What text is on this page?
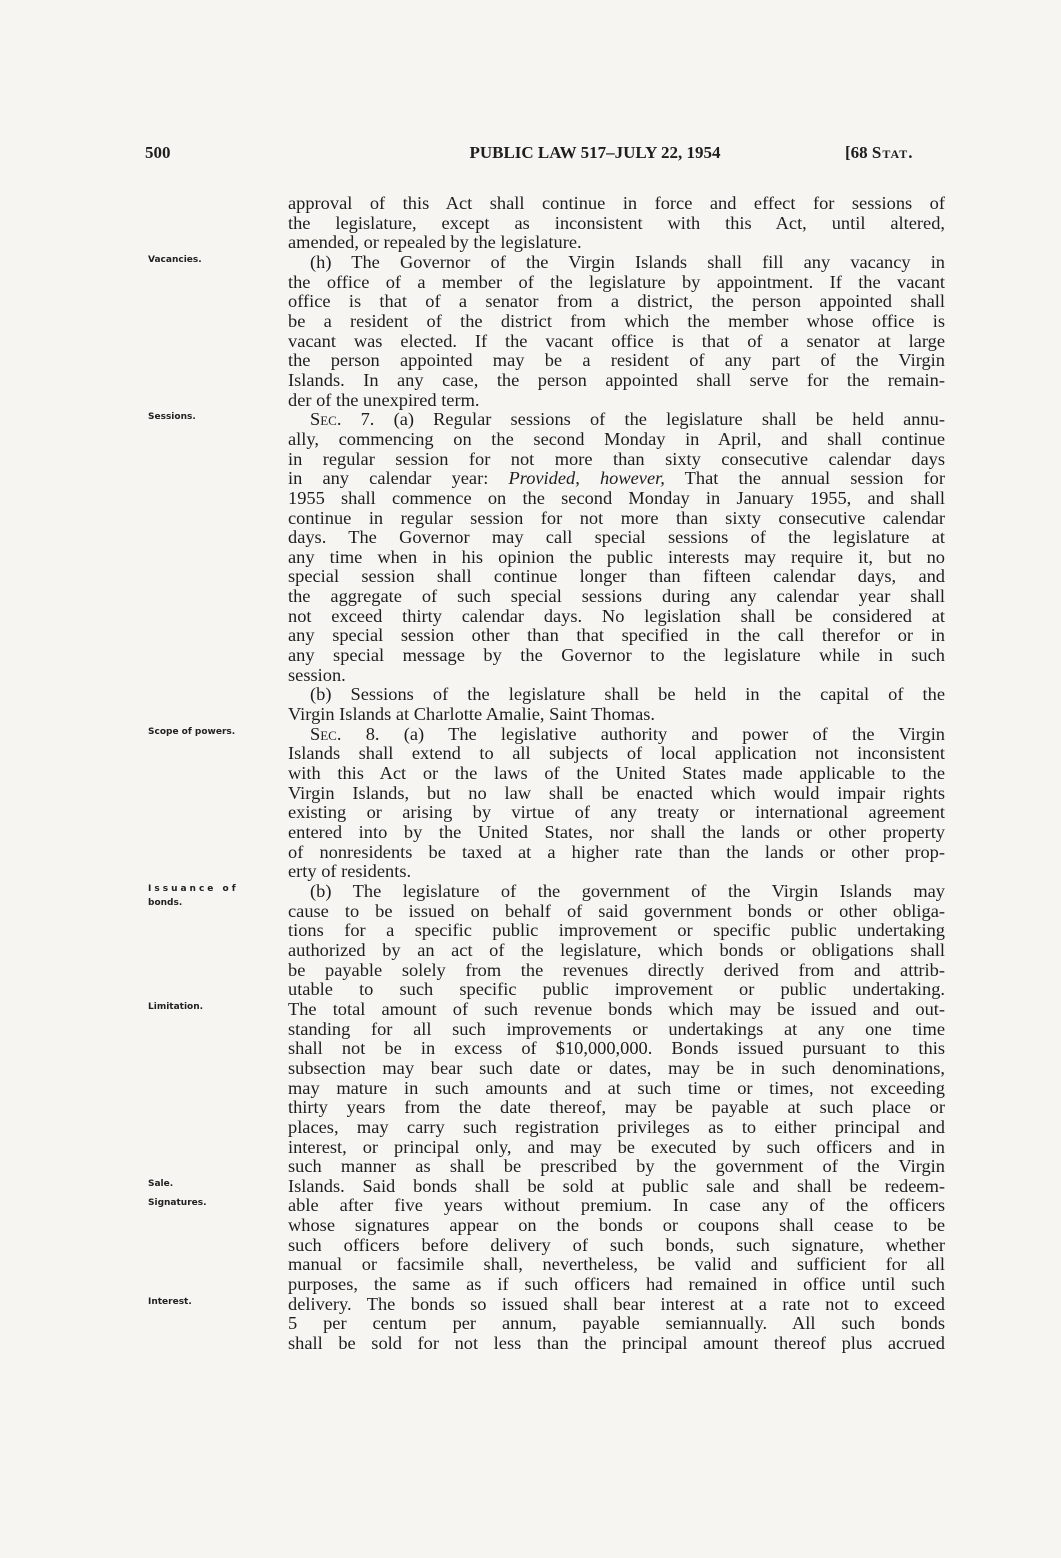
500	PUBLIC LAW 517–JULY 22, 1954	[68 Stat.
approval of this Act shall continue in force and effect for sessions of
the legislature, except as inconsistent with this Act, until altered,
amended, or repealed by the legislature.
(h) The Governor of the Virgin Islands shall fill any vacancy in
Vacancies.
the office of a member of the legislature by appointment. If the vacant
office is that of a senator from a district, the person appointed shall
be a resident of the district from which the member whose office is
vacant was elected. If the vacant office is that of a senator at large
the person appointed may be a resident of any part of the Virgin
Islands. In any case, the person appointed shall serve for the remain-
der of the unexpired term.
Sec. 7. (a) Regular sessions of the legislature shall be held annu-
Sessions.
ally, commencing on the second Monday in April, and shall continue
in regular session for not more than sixty consecutive calendar days
in any calendar year: Provided, however, That the annual session for
1955 shall commence on the second Monday in January 1955, and shall
continue in regular session for not more than sixty consecutive calendar
days. The Governor may call special sessions of the legislature at
any time when in his opinion the public interests may require it, but no
special session shall continue longer than fifteen calendar days, and
the aggregate of such special sessions during any calendar year shall
not exceed thirty calendar days. No legislation shall be considered at
any special session other than that specified in the call therefor or in
any special message by the Governor to the legislature while in such
session.
(b) Sessions of the legislature shall be held in the capital of the
Virgin Islands at Charlotte Amalie, Saint Thomas.
Sec. 8. (a) The legislative authority and power of the Virgin
Scope of powers.
Islands shall extend to all subjects of local application not inconsistent
with this Act or the laws of the United States made applicable to the
Virgin Islands, but no law shall be enacted which would impair rights
existing or arising by virtue of any treaty or international agreement
entered into by the United States, nor shall the lands or other property
of nonresidents be taxed at a higher rate than the lands or other prop-
erty of residents.
(b) The legislature of the government of the Virgin Islands may
Issuance of
bonds.	cause to be issued on behalf of said government bonds or other obliga-
tions for a specific public improvement or specific public undertaking
authorized by an act of the legislature, which bonds or obligations shall
be payable solely from the revenues directly derived from and attrib-
utable to such specific public improvement or public undertaking.
The total amount of such revenue bonds which may be issued and out-
Limitation.
standing for all such improvements or undertakings at any one time
shall not be in excess of $10,000,000. Bonds issued pursuant to this
subsection may bear such date or dates, may be in such denominations,
may mature in such amounts and at such time or times, not exceeding
thirty years from the date thereof, may be payable at such place or
places, may carry such registration privileges as to either principal and
interest, or principal only, and may be executed by such officers and in
such manner as shall be prescribed by the government of the Virgin
Islands. Said bonds shall be sold at public sale and shall be redeem-
Sale.
able after five years without premium. In case any of the officers
Signatures.
whose signatures appear on the bonds or coupons shall cease to be
such officers before delivery of such bonds, such signature, whether
manual or facsimile shall, nevertheless, be valid and sufficient for all
purposes, the same as if such officers had remained in office until such
delivery. The bonds so issued shall bear interest at a rate not to exceed
Interest.
5 per centum per annum, payable semiannually. All such bonds
shall be sold for not less than the principal amount thereof plus accrued
